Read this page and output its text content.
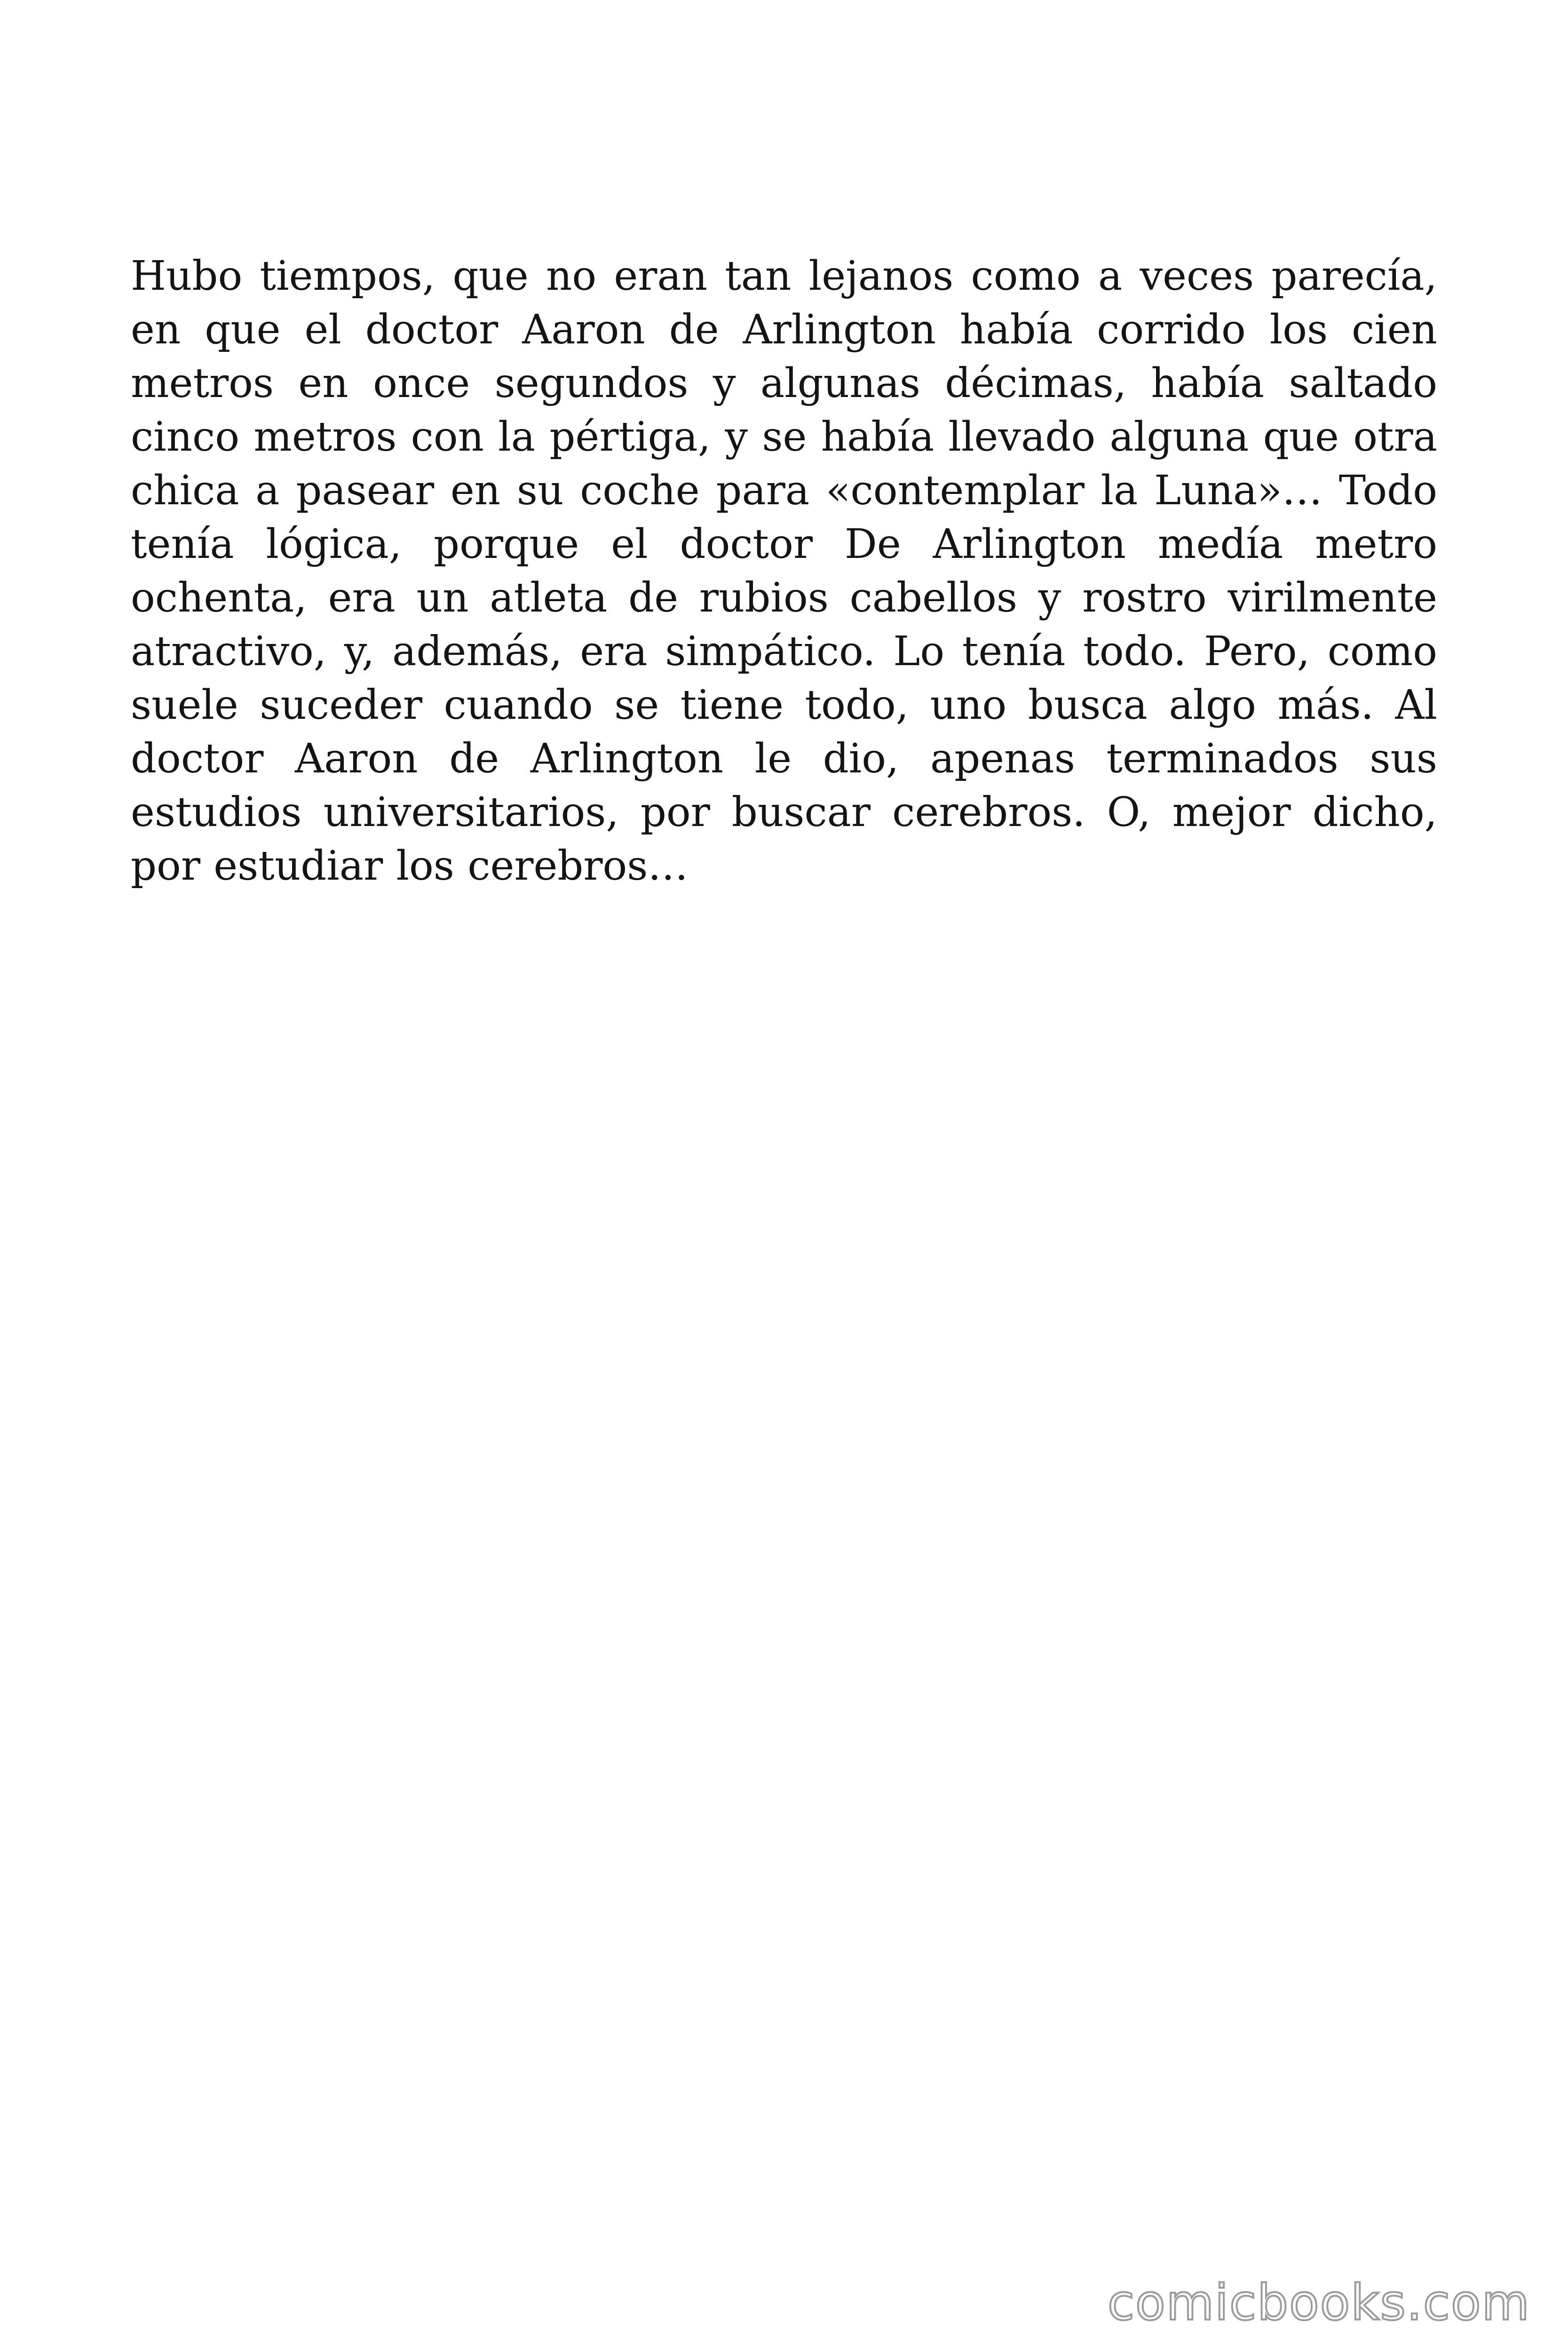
Hubo tiempos, que no eran tan lejanos como a veces parecía, en que el doctor Aaron de Arlington había corrido los cien metros en once segundos y algunas décimas, había saltado cinco metros con la pértiga, y se había llevado alguna que otra chica a pasear en su coche para «contemplar la Luna»… Todo tenía lógica, porque el doctor De Arlington medía metro ochenta, era un atleta de rubios cabellos y rostro virilmente atractivo, y, además, era simpático. Lo tenía todo. Pero, como suele suceder cuando se tiene todo, uno busca algo más. Al doctor Aaron de Arlington le dio, apenas terminados sus estudios universitarios, por buscar cerebros. O, mejor dicho, por estudiar los cerebros…

comicbooks.com
